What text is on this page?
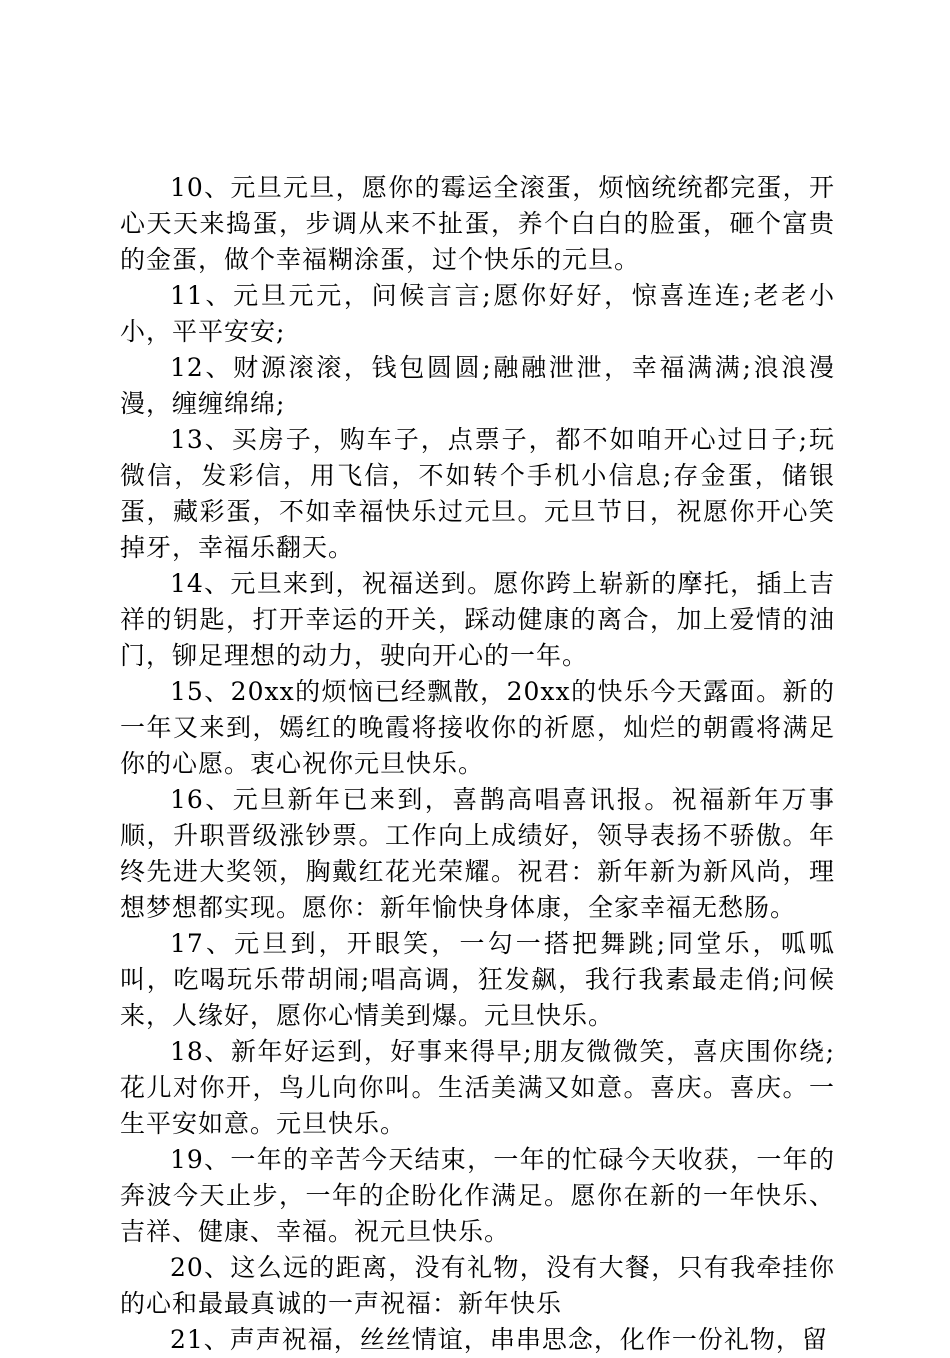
10、元旦元旦，愿你的霉运全滚蛋，烦恼统统都完蛋，开心天天来捣蛋，步调从来不扯蛋，养个白白的脸蛋，砸个富贵的金蛋，做个幸福糊涂蛋，过个快乐的元旦。

11、元旦元元，问候言言;愿你好好，惊喜连连;老老小小，平平安安;

12、财源滚滚，钱包圆圆;融融泄泄，幸福满满;浪浪漫漫，缠缠绵绵;

13、买房子，购车子，点票子，都不如咱开心过日子;玩微信，发彩信，用飞信，不如转个手机小信息;存金蛋，储银蛋，藏彩蛋，不如幸福快乐过元旦。元旦节日，祝愿你开心笑掉牙，幸福乐翻天。

14、元旦来到，祝福送到。愿你跨上崭新的摩托，插上吉祥的钥匙，打开幸运的开关，踩动健康的离合，加上爱情的油门，铆足理想的动力，驶向开心的一年。

15、20xx的烦恼已经飘散，20xx的快乐今天露面。新的一年又来到，嫣红的晚霞将接收你的祈愿，灿烂的朝霞将满足你的心愿。衷心祝你元旦快乐。

16、元旦新年已来到，喜鹊高唱喜讯报。祝福新年万事顺，升职晋级涨钞票。工作向上成绩好，领导表扬不骄傲。年终先进大奖领，胸戴红花光荣耀。祝君：新年新为新风尚，理想梦想都实现。愿你：新年愉快身体康，全家幸福无愁肠。

17、元旦到，开眼笑，一勾一搭把舞跳;同堂乐，呱呱叫，吃喝玩乐带胡闹;唱高调，狂发飙，我行我素最走俏;问候来，人缘好，愿你心情美到爆。元旦快乐。

18、新年好运到，好事来得早;朋友微微笑，喜庆围你绕;花儿对你开，鸟儿向你叫。生活美满又如意。喜庆。喜庆。一生平安如意。元旦快乐。

19、一年的辛苦今天结束，一年的忙碌今天收获，一年的奔波今天止步，一年的企盼化作满足。愿你在新的一年快乐、吉祥、健康、幸福。祝元旦快乐。

20、这么远的距离，没有礼物，没有大餐，只有我牵挂你的心和最最真诚的一声祝福：新年快乐

21、声声祝福，丝丝情谊，串串思念，化作一份礼物，留
